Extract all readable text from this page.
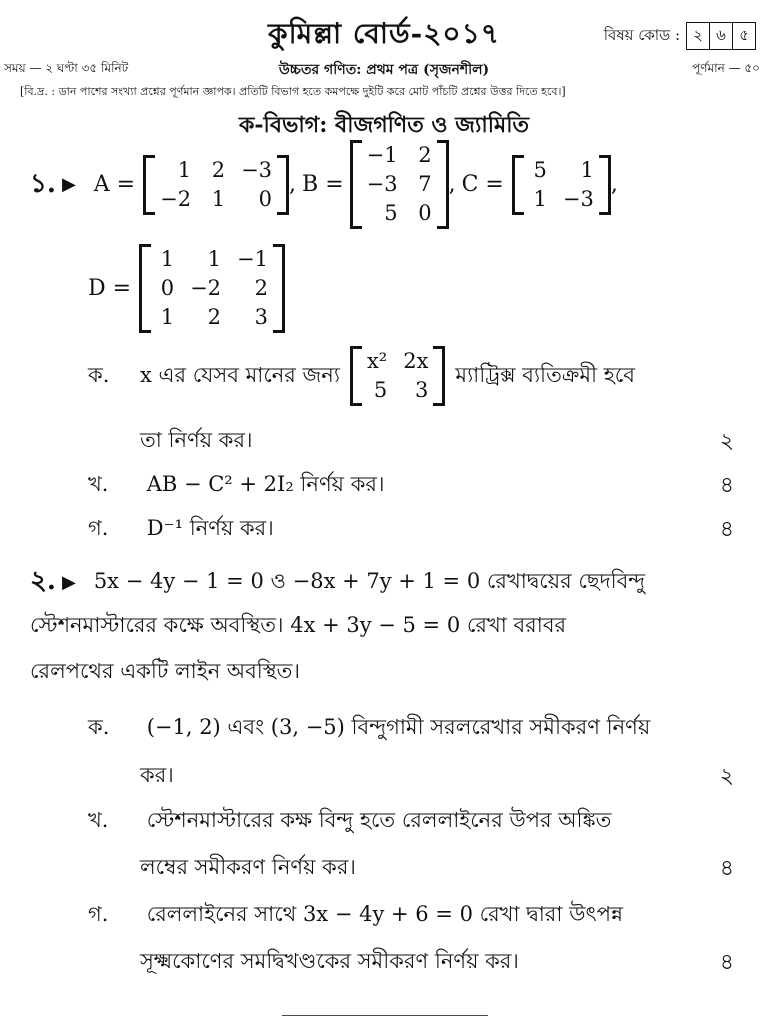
কুমিল্লা বোর্ড-২০১৭	বিষয় কোড : ২ ৬ ৫
সময় — ২ ঘণ্টা ৩৫ মিনিট	উচ্চতর গণিত: প্রথম পত্র (সৃজনশীল)	পূর্ণমান — ৫০
[বি.দ্র. : ডান পাশের সংখ্যা প্রশ্নের পূর্ণমান জ্ঞাপক। প্রতিটি বিভাগ হতে কমপক্ষে দুইটি করে মোট পাঁচটি প্রশ্নের উত্তর দিতে হবে।]
ক-বিভাগ: বীজগণিত ও জ্যামিতি
১. ▶ A =
1 2 −3
−2 1	0
, B =
−1 2
−3 7
5 0
, C =
5	1
1 −3
,
D =
1	1 −1
0 −2	2
1	2	3
ক.	x এর যেসব মানের জন্য
x² 2x
5	3
ম্যাট্রিক্স ব্যতিক্রমী হবে
তা নির্ণয় কর।	২
খ. AB − C² + 2I₂ নির্ণয় কর।	৪
গ. D⁻¹ নির্ণয় কর।	৪
২. ▶ 5x − 4y − 1 = 0 ও −8x + 7y + 1 = 0 রেখাদ্বয়ের ছেদবিন্দু
স্টেশনমাস্টারের কক্ষে অবস্থিত। 4x + 3y − 5 = 0 রেখা বরাবর
রেলপথের একটি লাইন অবস্থিত।
ক. (−1, 2) এবং (3, −5) বিন্দুগামী সরলরেখার সমীকরণ নির্ণয়
কর।	২
খ. স্টেশনমাস্টারের কক্ষ বিন্দু হতে রেললাইনের উপর অঙ্কিত
লম্বের সমীকরণ নির্ণয় কর।	৪
গ. রেললাইনের সাথে 3x − 4y + 6 = 0 রেখা দ্বারা উৎপন্ন
সূক্ষ্মকোণের সমদ্বিখণ্ডকের সমীকরণ নির্ণয় কর।	৪
